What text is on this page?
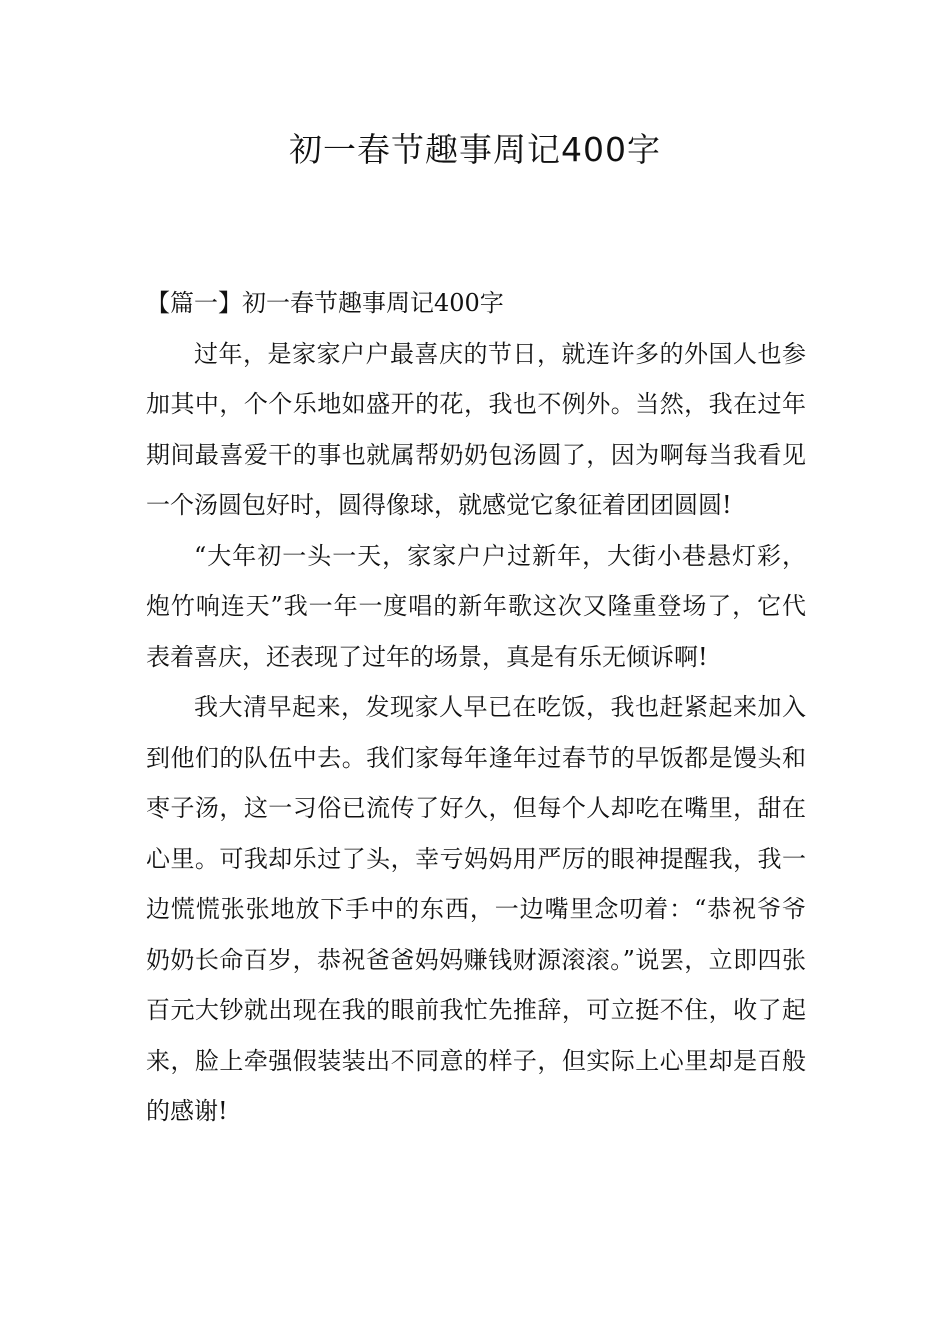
初一春节趣事周记400字
【篇一】初一春节趣事周记400字

过年，是家家户户最喜庆的节日，就连许多的外国人也参加其中，个个乐地如盛开的花，我也不例外。当然，我在过年期间最喜爱干的事也就属帮奶奶包汤圆了，因为啊每当我看见一个汤圆包好时，圆得像球，就感觉它象征着团团圆圆!

“大年初一头一天，家家户户过新年，大街小巷悬灯彩，炮竹响连天”我一年一度唱的新年歌这次又隆重登场了，它代表着喜庆，还表现了过年的场景，真是有乐无倾诉啊!

我大清早起来，发现家人早已在吃饭，我也赶紧起来加入到他们的队伍中去。我们家每年逢年过春节的早饭都是馒头和枣子汤，这一习俗已流传了好久，但每个人却吃在嘴里，甜在心里。可我却乐过了头，幸亏妈妈用严厉的眼神提醒我，我一边慌慌张张地放下手中的东西，一边嘴里念叨着：“恭祝爷爷奶奶长命百岁，恭祝爸爸妈妈赚钱财源滚滚。”说罢，立即四张百元大钞就出现在我的眼前我忙先推辞，可立挺不住，收了起来，脸上牵强假装装出不同意的样子，但实际上心里却是百般的感谢!
